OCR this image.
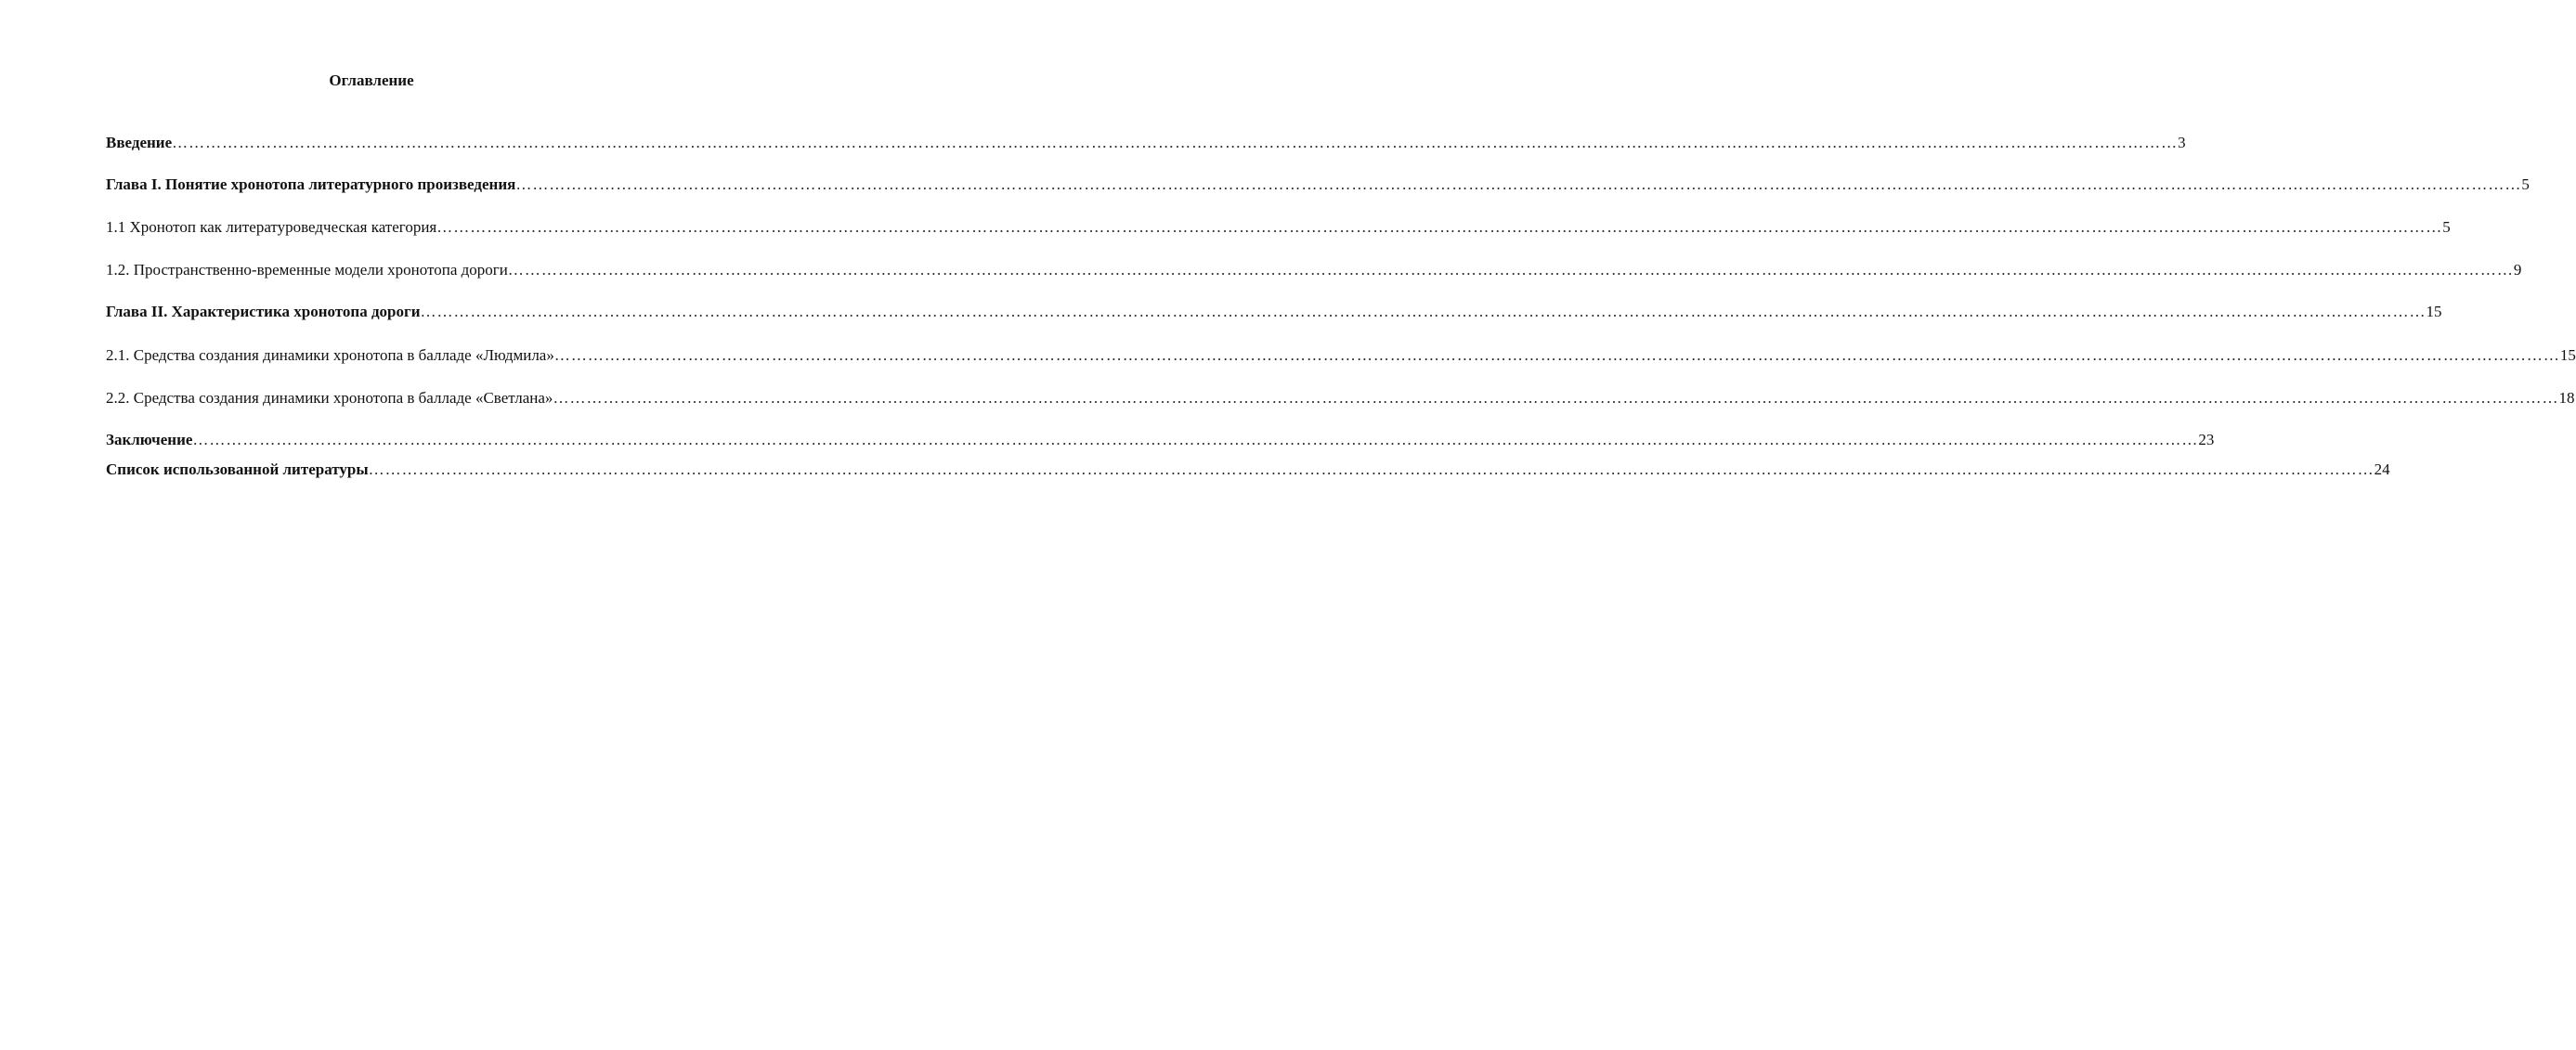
Оглавление
Введение ……………………………………………………………………………………………………………………………………………………………………………………………………………………………………………………………………………………………………………………………… 3
Глава I. Понятие хронотопа литературного произведения ……………………………………………………………………………………………………………………………………………………………………………………………………………………………………………………………………………………………………………………………… 5
1.1 Хронотоп как литературоведческая категория ……………………………………………………………………………………………………………………………………………………………………………………………………………………………………………………………………………………………………………………………… 5
1.2. Пространственно-временные модели хронотопа дороги ……………………………………………………………………………………………………………………………………………………………………………………………………………………………………………………………………………………………………………………………… 9
Глава II. Характеристика хронотопа дороги ……………………………………………………………………………………………………………………………………………………………………………………………………………………………………………………………………………………………………………………………… 15
2.1. Средства создания динамики хронотопа в балладе «Людмила» ……………………………………………………………………………………………………………………………………………………………………………………………………………………………………………………………………………………………………………………………… 15
2.2. Средства создания динамики хронотопа в балладе «Светлана» ……………………………………………………………………………………………………………………………………………………………………………………………………………………………………………………………………………………………………………………………… 18
Заключение ……………………………………………………………………………………………………………………………………………………………………………………………………………………………………………………………………………………………………………………………… 23
Список использованной литературы ……………………………………………………………………………………………………………………………………………………………………………………………………………………………………………………………………………………………………………………………… 24
